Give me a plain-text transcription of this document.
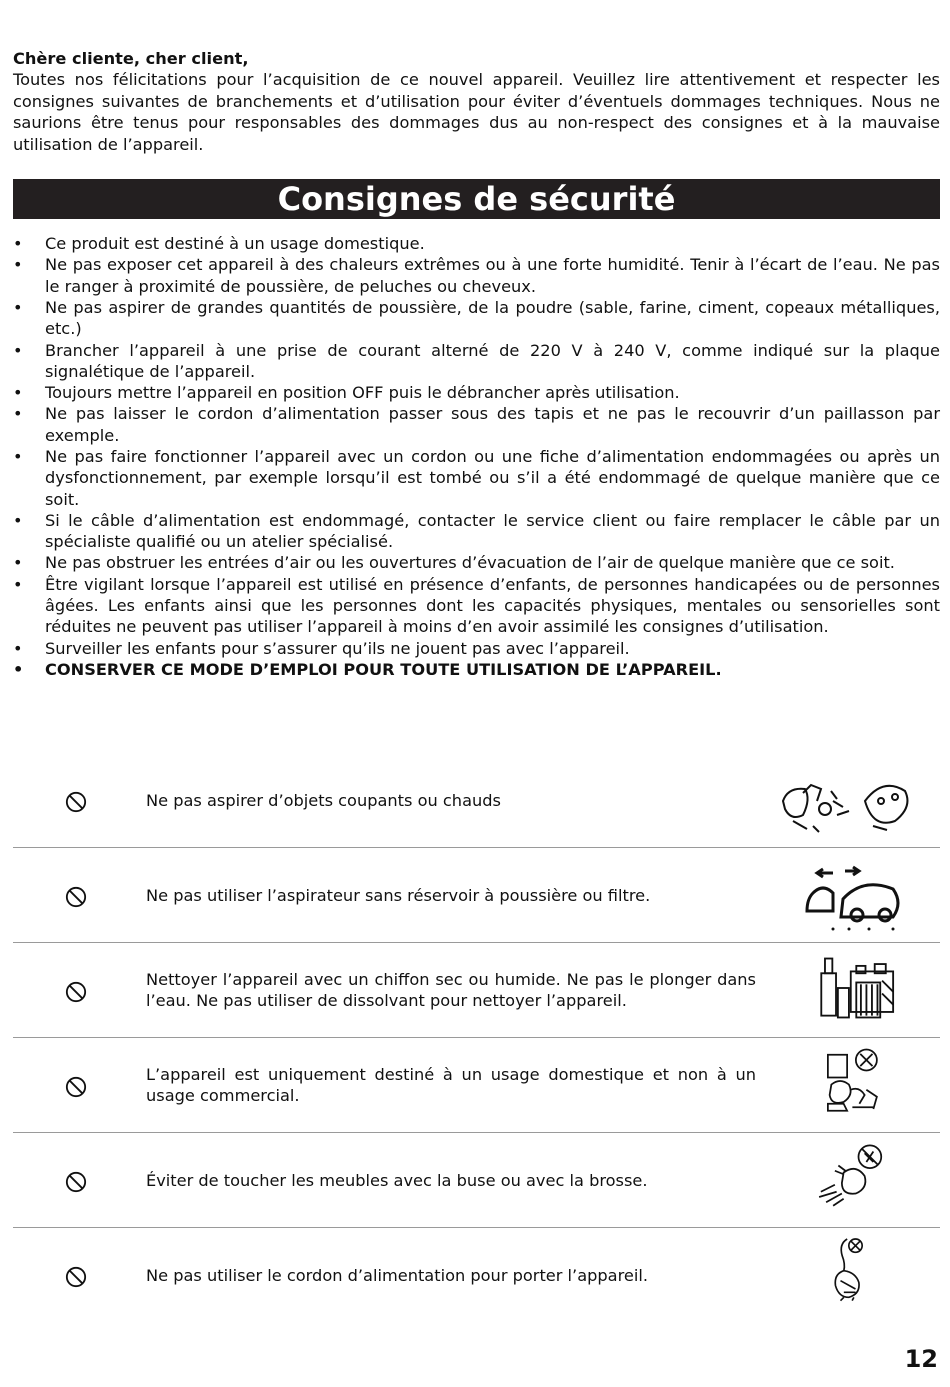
Chère cliente, cher client,
Toutes nos félicitations pour l’acquisition de ce nouvel appareil. Veuillez lire attentivement et respecter les consignes suivantes de branchements et d’utilisation pour éviter d’éventuels dommages techniques. Nous ne saurions être tenus pour responsables des dommages dus au non-respect des consignes et à la mauvaise utilisation de l’appareil.

Consignes de sécurité
• Ce produit est destiné à un usage domestique.
• Ne pas exposer cet appareil à des chaleurs extrêmes ou à une forte humidité. Tenir à l’écart de l’eau. Ne pas le ranger à proximité de poussière, de peluches ou cheveux.
• Ne pas aspirer de grandes quantités de poussière, de la poudre (sable, farine, ciment, copeaux métalliques, etc.)
• Brancher l’appareil à une prise de courant alterné de 220 V à 240 V, comme indiqué sur la plaque signalétique de l’appareil.
• Toujours mettre l’appareil en position OFF puis le débrancher après utilisation.
• Ne pas laisser le cordon d’alimentation passer sous des tapis et ne pas le recouvrir d’un paillasson par exemple.
• Ne pas faire fonctionner l’appareil avec un cordon ou une fiche d’alimentation endommagées ou après un dysfonctionnement, par exemple lorsqu’il est tombé ou s’il a été endommagé de quelque manière que ce soit.
• Si le câble d’alimentation est endommagé, contacter le service client ou faire remplacer le câble par un spécialiste qualifié ou un atelier spécialisé.
• Ne pas obstruer les entrées d’air ou les ouvertures d’évacuation de l’air de quelque manière que ce soit.
• Être vigilant lorsque l’appareil est utilisé en présence d’enfants, de personnes handicapées ou de personnes âgées. Les enfants ainsi que les personnes dont les capacités physiques, mentales ou sensorielles sont réduites ne peuvent pas utiliser l’appareil à moins d’en avoir assimilé les consignes d’utilisation.
• Surveiller les enfants pour s’assurer qu’ils ne jouent pas avec l’appareil.
• CONSERVER CE MODE D’EMPLOI POUR TOUTE UTILISATION DE L’APPAREIL.
Ne pas aspirer d’objets coupants ou chauds
Ne pas utiliser l’aspirateur sans réservoir à poussière ou filtre.
Nettoyer l’appareil avec un chiffon sec ou humide. Ne pas le plonger dans l’eau. Ne pas utiliser de dissolvant pour nettoyer l’appareil.
L’appareil est uniquement destiné à un usage domestique et non à un usage commercial.
Éviter de toucher les meubles avec la buse ou avec la brosse.
Ne pas utiliser le cordon d’alimentation pour porter l’appareil.
12
